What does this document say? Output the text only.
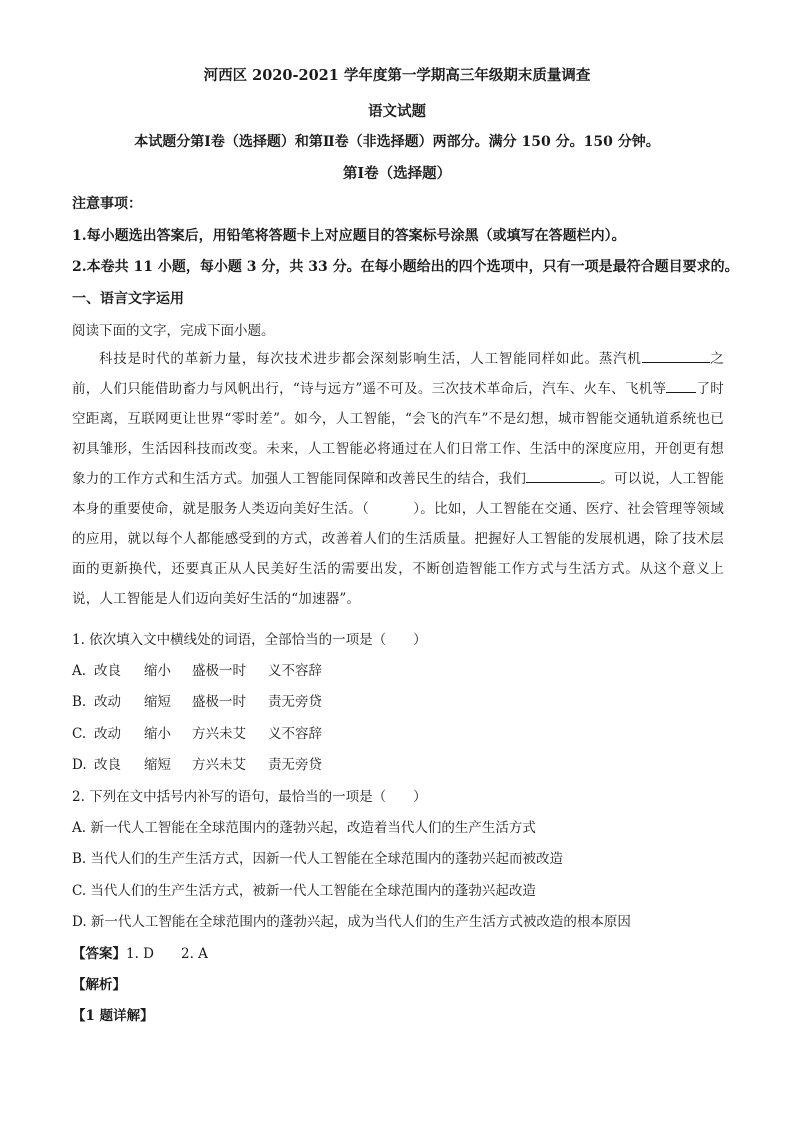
河西区 2020-2021 学年度第一学期高三年级期末质量调查
语文试题
本试题分第Ⅰ卷（选择题）和第Ⅱ卷（非选择题）两部分。满分 150 分。150 分钟。
第Ⅰ卷（选择题）
注意事项：
1.每小题选出答案后，用铅笔将答题卡上对应题目的答案标号涂黑（或填写在答题栏内）。
2.本卷共 11 小题，每小题 3 分，共 33 分。在每小题给出的四个选项中，只有一项是最符合题目要求的。
一、语言文字运用
阅读下面的文字，完成下面小题。
科技是时代的革新力量，每次技术进步都会深刻影响生活，人工智能同样如此。蒸汽机	之前，人们只能借助畜力与风帆出行，“诗与远方”遥不可及。三次技术革命后，汽车、火车、飞机等 了时空距离，互联网更让世界“零时差”。如今，人工智能，“会飞的汽车”不是幻想，城市智能交通轨道系统也已初具雏形，生活因科技而改变。未来，人工智能必将通过在人们日常工作、生活中的深度应用，开创更有想象力的工作方式和生活方式。加强人工智能同保障和改善民生的结合，我们	。可以说，人工智能本身的重要使命，就是服务人类迈向美好生活。（	）。比如，人工智能在交通、医疗、社会管理等领域的应用，就以每个人都能感受到的方式，改善着人们的生活质量。把握好人工智能的发展机遇，除了技术层面的更新换代，还要真正从人民美好生活的需要出发，不断创造智能工作方式与生活方式。从这个意义上说，人工智能是人们迈向美好生活的“加速器”。
1. 依次填入文中横线处的词语，全部恰当的一项是（　　）
A. 改良 缩小 盛极一时 义不容辞
B. 改动 缩短 盛极一时 责无旁贷
C. 改动 缩小 方兴未艾 义不容辞
D. 改良 缩短 方兴未艾 责无旁贷
2. 下列在文中括号内补写的语句，最恰当的一项是（　　）
A. 新一代人工智能在全球范围内的蓬勃兴起，改造着当代人们的生产生活方式
B. 当代人们的生产生活方式，因新一代人工智能在全球范围内的蓬勃兴起而被改造
C. 当代人们的生产生活方式，被新一代人工智能在全球范围内的蓬勃兴起改造
D. 新一代人工智能在全球范围内的蓬勃兴起，成为当代人们的生产生活方式被改造的根本原因
【答案】1. D　　2. A
【解析】
【1 题详解】
